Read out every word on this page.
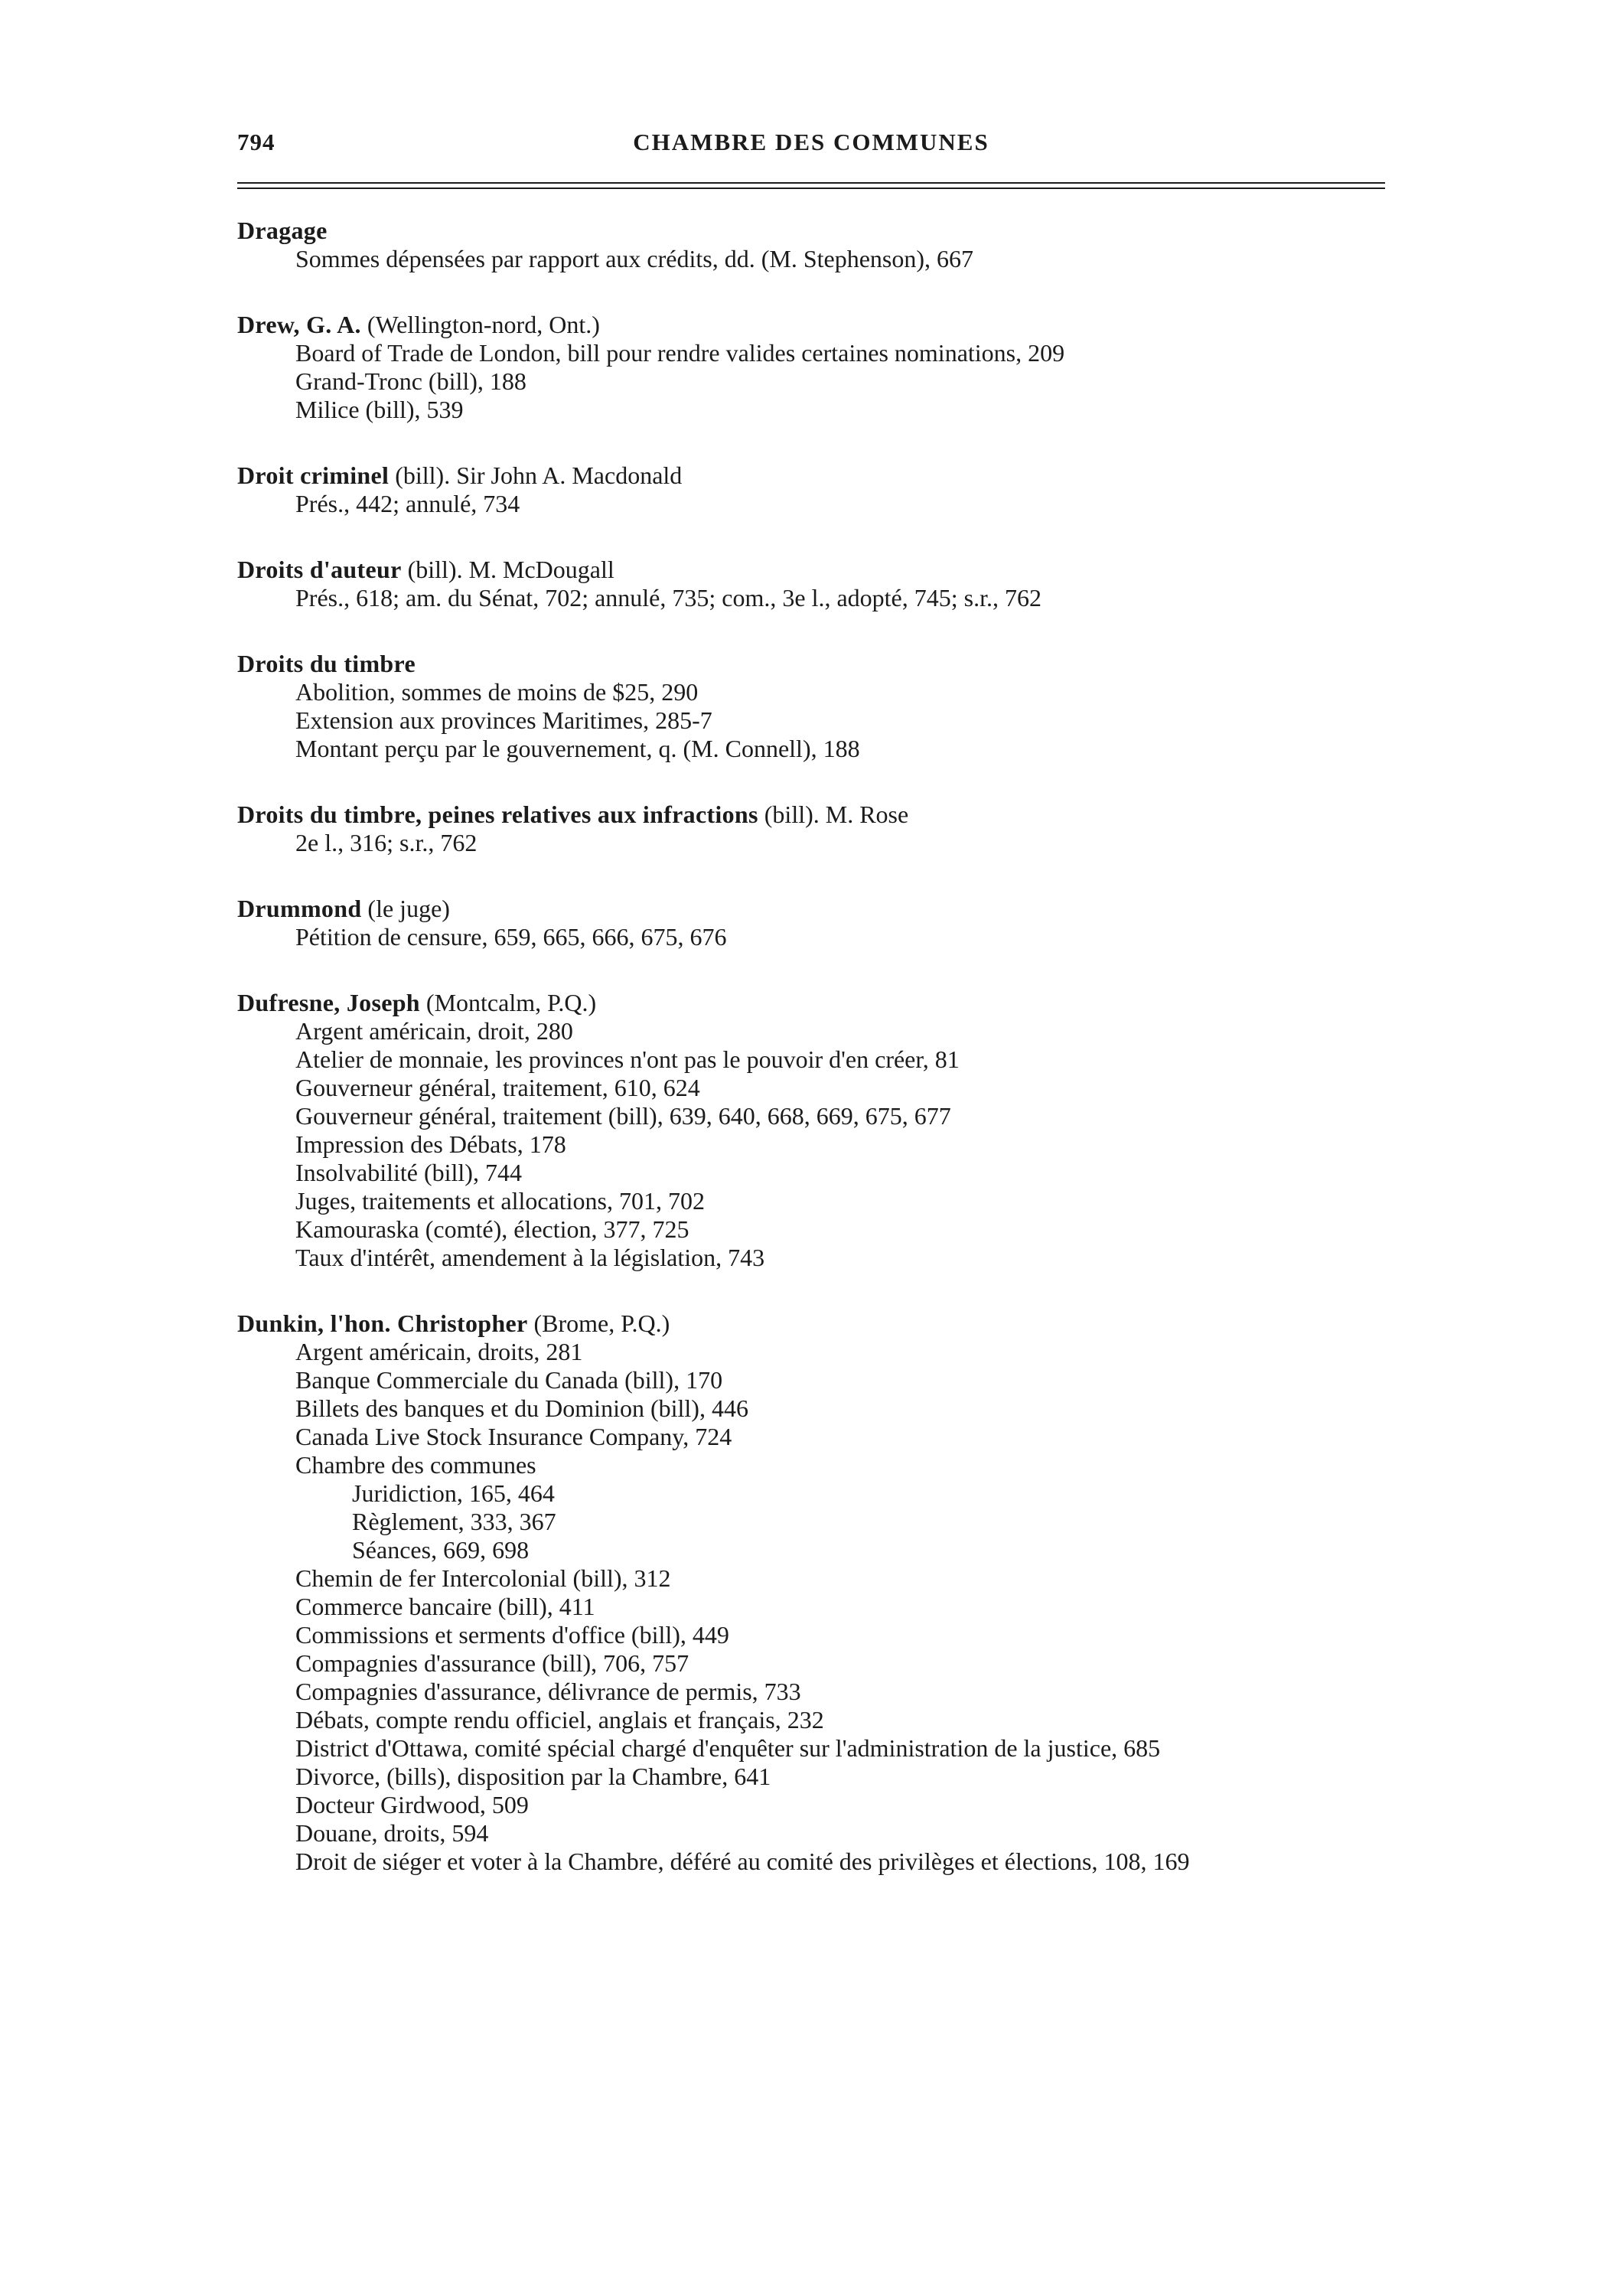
794	CHAMBRE DES COMMUNES
Dragage
Sommes dépensées par rapport aux crédits, dd. (M. Stephenson), 667
Drew, G. A. (Wellington-nord, Ont.)
Board of Trade de London, bill pour rendre valides certaines nominations, 209
Grand-Tronc (bill), 188
Milice (bill), 539
Droit criminel (bill). Sir John A. Macdonald
Prés., 442; annulé, 734
Droits d'auteur (bill). M. McDougall
Prés., 618; am. du Sénat, 702; annulé, 735; com., 3e l., adopté, 745; s.r., 762
Droits du timbre
Abolition, sommes de moins de $25, 290
Extension aux provinces Maritimes, 285-7
Montant perçu par le gouvernement, q. (M. Connell), 188
Droits du timbre, peines relatives aux infractions (bill). M. Rose
2e l., 316; s.r., 762
Drummond (le juge)
Pétition de censure, 659, 665, 666, 675, 676
Dufresne, Joseph (Montcalm, P.Q.)
Argent américain, droit, 280
Atelier de monnaie, les provinces n'ont pas le pouvoir d'en créer, 81
Gouverneur général, traitement, 610, 624
Gouverneur général, traitement (bill), 639, 640, 668, 669, 675, 677
Impression des Débats, 178
Insolvabilité (bill), 744
Juges, traitements et allocations, 701, 702
Kamouraska (comté), élection, 377, 725
Taux d'intérêt, amendement à la législation, 743
Dunkin, l'hon. Christopher (Brome, P.Q.)
Argent américain, droits, 281
Banque Commerciale du Canada (bill), 170
Billets des banques et du Dominion (bill), 446
Canada Live Stock Insurance Company, 724
Chambre des communes
Juridiction, 165, 464
Règlement, 333, 367
Séances, 669, 698
Chemin de fer Intercolonial (bill), 312
Commerce bancaire (bill), 411
Commissions et serments d'office (bill), 449
Compagnies d'assurance (bill), 706, 757
Compagnies d'assurance, délivrance de permis, 733
Débats, compte rendu officiel, anglais et français, 232
District d'Ottawa, comité spécial chargé d'enquêter sur l'administration de la justice, 685
Divorce, (bills), disposition par la Chambre, 641
Docteur Girdwood, 509
Douane, droits, 594
Droit de siéger et voter à la Chambre, déféré au comité des privilèges et élections, 108, 169
